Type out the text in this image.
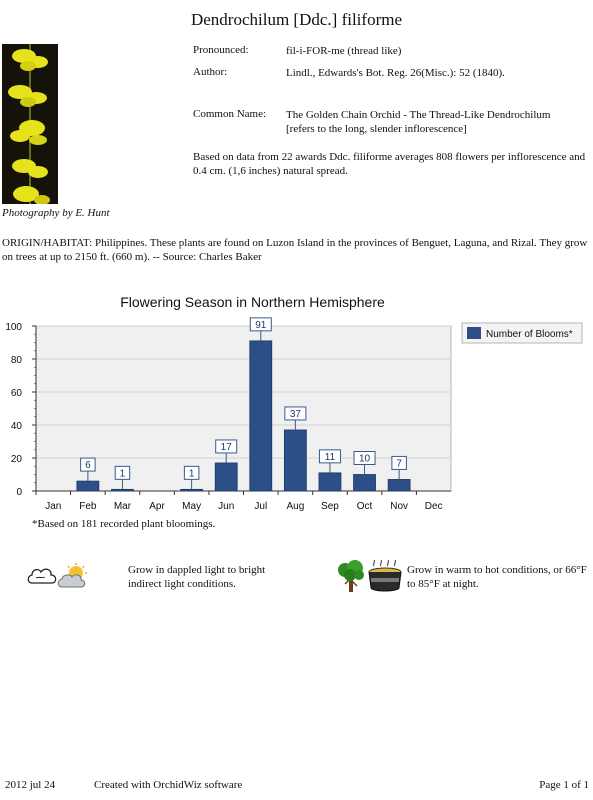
Dendrochilum [Ddc.] filiforme
Photography by E. Hunt
Pronounced:	fil-i-FOR-me (thread like)
Author:	Lindl., Edwards's Bot. Reg. 26(Misc.): 52 (1840).
Common Name: The Golden Chain Orchid - The Thread-Like Dendrochilum
[refers to the long, slender inflorescence]
Based on data from 22 awards Ddc. filiforme averages 808 flowers per inflorescence and 0.4 cm. (1,6 inches) natural spread.
ORIGIN/HABITAT: Philippines. These plants are found on Luzon Island in the provinces of Benguet, Laguna, and Rizal. They grow on trees at up to 2150 ft. (660 m). -- Source: Charles Baker
Flowering Season in Northern Hemisphere
0
20
40
60
80
100
Jan Feb
6
Mar
1
Apr May
1
Jun
17
Jul
91
Aug
37
Sep
11
Oct
10
Nov
7
Dec
Number of Blooms*
*Based on 181 recorded plant bloomings.
Grow in dappled light to bright indirect light conditions.
Grow in warm to hot conditions, or 66°F to 85°F at night.
2012 jul 24	Created with OrchidWiz software	Page 1 of 1
